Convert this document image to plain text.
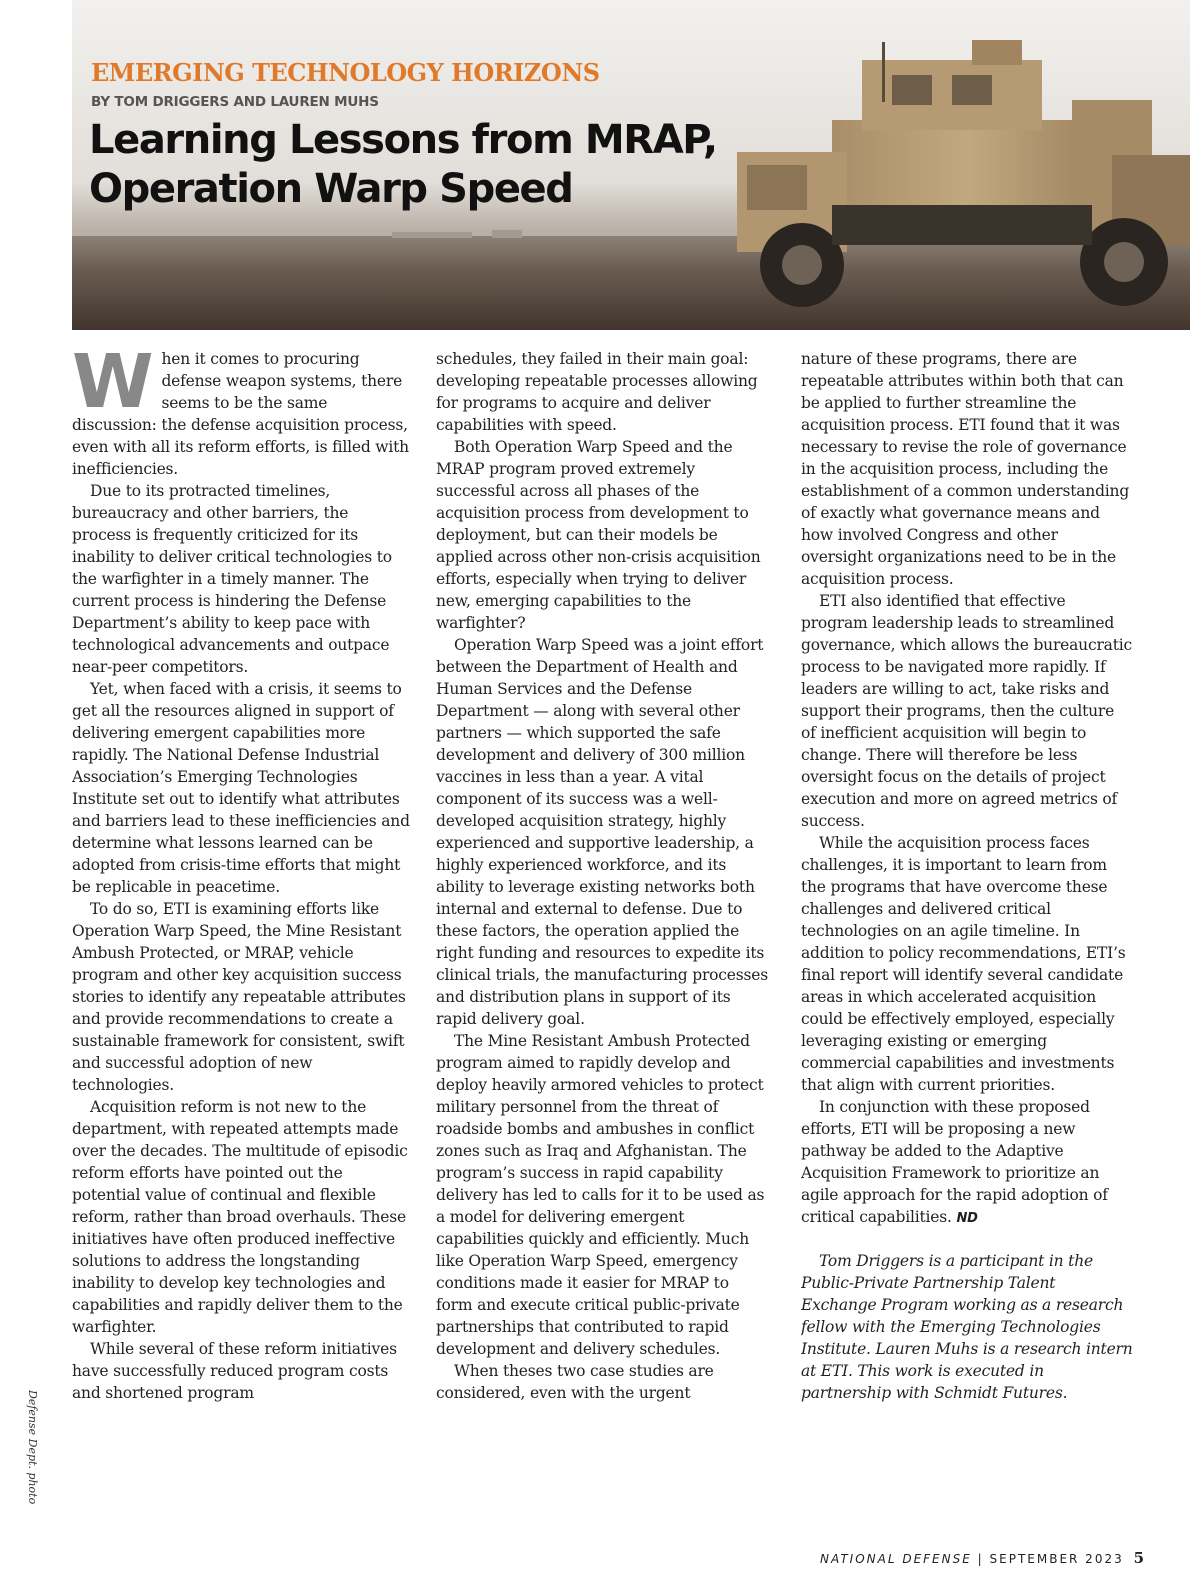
EMERGING TECHNOLOGY HORIZONS

BY TOM DRIGGERS AND LAUREN MUHS

Learning Lessons from MRAP, Operation Warp Speed

When it comes to procuring defense weapon systems, there seems to be the same discussion: the defense acquisition process, even with all its reform efforts, is filled with inefficiencies.

Due to its protracted timelines, bureaucracy and other barriers, the process is frequently criticized for its inability to deliver critical technologies to the warfighter in a timely manner. The current process is hindering the Defense Department’s ability to keep pace with technological advancements and outpace near-peer competitors.

Yet, when faced with a crisis, it seems to get all the resources aligned in support of delivering emergent capabilities more rapidly. The National Defense Industrial Association’s Emerging Technologies Institute set out to identify what attributes and barriers lead to these inefficiencies and determine what lessons learned can be adopted from crisis-time efforts that might be replicable in peacetime.

To do so, ETI is examining efforts like Operation Warp Speed, the Mine Resistant Ambush Protected, or MRAP, vehicle program and other key acquisition success stories to identify any repeatable attributes and provide recommendations to create a sustainable framework for consistent, swift and successful adoption of new technologies.

Acquisition reform is not new to the department, with repeated attempts made over the decades. The multitude of episodic reform efforts have pointed out the potential value of continual and flexible reform, rather than broad overhauls. These initiatives have often produced ineffective solutions to address the longstanding inability to develop key technologies and capabilities and rapidly deliver them to the warfighter.

While several of these reform initiatives have successfully reduced program costs and shortened program

schedules, they failed in their main goal: developing repeatable processes allowing for programs to acquire and deliver capabilities with speed.

Both Operation Warp Speed and the MRAP program proved extremely successful across all phases of the acquisition process from development to deployment, but can their models be applied across other non-crisis acquisition efforts, especially when trying to deliver new, emerging capabilities to the warfighter?

Operation Warp Speed was a joint effort between the Department of Health and Human Services and the Defense Department — along with several other partners — which supported the safe development and delivery of 300 million vaccines in less than a year. A vital component of its success was a well-developed acquisition strategy, highly experienced and supportive leadership, a highly experienced workforce, and its ability to leverage existing networks both internal and external to defense. Due to these factors, the operation applied the right funding and resources to expedite its clinical trials, the manufacturing processes and distribution plans in support of its rapid delivery goal.

The Mine Resistant Ambush Protected program aimed to rapidly develop and deploy heavily armored vehicles to protect military personnel from the threat of roadside bombs and ambushes in conflict zones such as Iraq and Afghanistan. The program’s success in rapid capability delivery has led to calls for it to be used as a model for delivering emergent capabilities quickly and efficiently. Much like Operation Warp Speed, emergency conditions made it easier for MRAP to form and execute critical public-private partnerships that contributed to rapid development and delivery schedules.

When theses two case studies are considered, even with the urgent

nature of these programs, there are repeatable attributes within both that can be applied to further streamline the acquisition process. ETI found that it was necessary to revise the role of governance in the acquisition process, including the establishment of a common understanding of exactly what governance means and how involved Congress and other oversight organizations need to be in the acquisition process.

ETI also identified that effective program leadership leads to streamlined governance, which allows the bureaucratic process to be navigated more rapidly. If leaders are willing to act, take risks and support their programs, then the culture of inefficient acquisition will begin to change. There will therefore be less oversight focus on the details of project execution and more on agreed metrics of success.

While the acquisition process faces challenges, it is important to learn from the programs that have overcome these challenges and delivered critical technologies on an agile timeline. In addition to policy recommendations, ETI’s final report will identify several candidate areas in which accelerated acquisition could be effectively employed, especially leveraging existing or emerging commercial capabilities and investments that align with current priorities.

In conjunction with these proposed efforts, ETI will be proposing a new pathway be added to the Adaptive Acquisition Framework to prioritize an agile approach for the rapid adoption of critical capabilities. ND

Tom Driggers is a participant in the Public-Private Partnership Talent Exchange Program working as a research fellow with the Emerging Technologies Institute. Lauren Muhs is a research intern at ETI. This work is executed in partnership with Schmidt Futures.

Defense Dept. photo
NATIONAL DEFENSE | SEPTEMBER 2023 5
